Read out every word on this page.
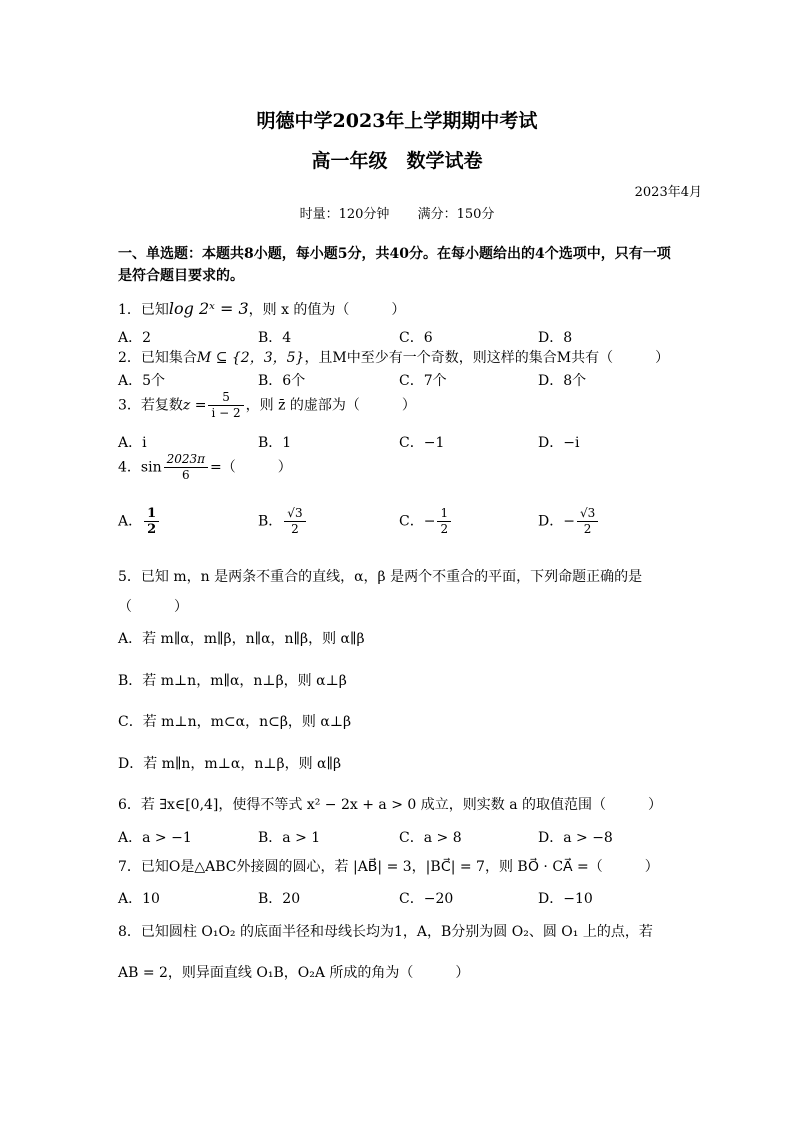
明德中学2023年上学期期中考试
高一年级　数学试卷
2023年4月
时量：120分钟 满分：150分
一、单选题：本题共8小题，每小题5分，共40分。在每小题给出的4个选项中，只有一项是符合题目要求的。
1．已知log 2ˣ = 3，则 x 的值为（　　　）
A．2	B．4	C．6	D．8
2．已知集合M ⊆ {2，3，5}，且M中至少有一个奇数，则这样的集合M共有（　　　）
A．5个	B．6个	C．7个	D．8个
3．若复数$z = \frac{5}{i - 2}$ ，则 z̄ 的虚部为（　　　）
A．i	B．1	C．−1	D．−i
4．$\sin \frac{2023\pi}{6}$ =（　　　）
A． $\frac{1}{2}$	B． $\frac{√3}{2}$	C．− $\frac{1}{2}$	D．− $\frac{√3}{2}$
5．已知 m，n 是两条不重合的直线，α，β 是两个不重合的平面，下列命题正确的是
（　　　）
A．若 m∥α，m∥β，n∥α，n∥β，则 α∥β
B．若 m⊥n，m∥α，n⊥β，则 α⊥β
C．若 m⊥n，m⊂α，n⊂β，则 α⊥β
D．若 m∥n，m⊥α，n⊥β，则 α∥β
6．若 ∃x∈[0,4]，使得不等式 x² − 2x + a > 0 成立，则实数 a 的取值范围（　　　）
A．a > −1	B．a > 1	C．a > 8	D．a > −8
7．已知O是△ABC外接圆的圆心，若 |AB⃗| = 3，|BC⃗| = 7，则 BO⃗ · CA⃗ =（　　　）
A．10	B．20	C．−20	D．−10
8．已知圆柱 O₁O₂ 的底面半径和母线长均为1，A，B分别为圆 O₂、圆 O₁ 上的点，若
AB = 2，则异面直线 O₁B，O₂A 所成的角为（　　　）
